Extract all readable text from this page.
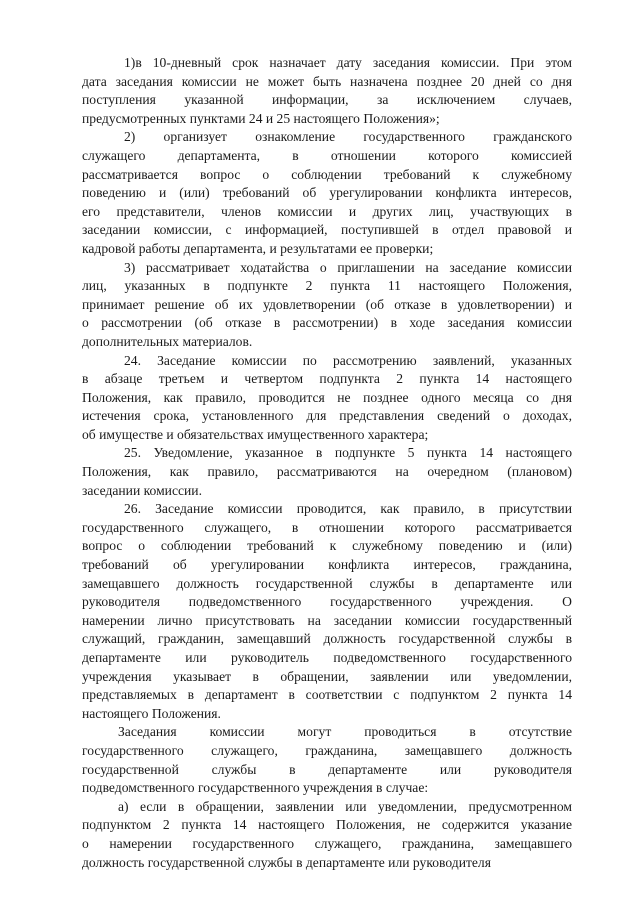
1)в 10-дневный срок назначает дату заседания комиссии. При этом
дата заседания комиссии не может быть назначена позднее 20 дней со дня
поступления указанной информации, за исключением случаев,
предусмотренных пунктами 24 и 25 настоящего Положения»;
2) организует ознакомление государственного гражданского
служащего департамента, в отношении которого комиссией
рассматривается вопрос о соблюдении требований к служебному
поведению и (или) требований об урегулировании конфликта интересов,
его представители, членов комиссии и других лиц, участвующих в
заседании комиссии, с информацией, поступившей в отдел правовой и
кадровой работы департамента, и результатами ее проверки;
3) рассматривает ходатайства о приглашении на заседание комиссии
лиц, указанных в подпункте 2 пункта 11 настоящего Положения,
принимает решение об их удовлетворении (об отказе в удовлетворении) и
о рассмотрении (об отказе в рассмотрении) в ходе заседания комиссии
дополнительных материалов.
24. Заседание комиссии по рассмотрению заявлений, указанных
в абзаце третьем и четвертом подпункта 2 пункта 14 настоящего
Положения, как правило, проводится не позднее одного месяца со дня
истечения срока, установленного для представления сведений о доходах,
об имуществе и обязательствах имущественного характера;
25. Уведомление, указанное в подпункте 5 пункта 14 настоящего
Положения, как правило, рассматриваются на очередном (плановом)
заседании комиссии.
26. Заседание комиссии проводится, как правило, в присутствии
государственного служащего, в отношении которого рассматривается
вопрос о соблюдении требований к служебному поведению и (или)
требований об урегулировании конфликта интересов, гражданина,
замещавшего должность государственной службы в департаменте или
руководителя подведомственного государственного учреждения. О
намерении лично присутствовать на заседании комиссии государственный
служащий, гражданин, замещавший должность государственной службы в
департаменте или руководитель подведомственного государственного
учреждения указывает в обращении, заявлении или уведомлении,
представляемых в департамент в соответствии с подпунктом 2 пункта 14
настоящего Положения.
Заседания комиссии могут проводиться в отсутствие
государственного служащего, гражданина, замещавшего должность
государственной службы в департаменте или руководителя
подведомственного государственного учреждения в случае:
а) если в обращении, заявлении или уведомлении, предусмотренном
подпунктом 2 пункта 14 настоящего Положения, не содержится указание
о намерении государственного служащего, гражданина, замещавшего
должность государственной службы в департаменте или руководителя
